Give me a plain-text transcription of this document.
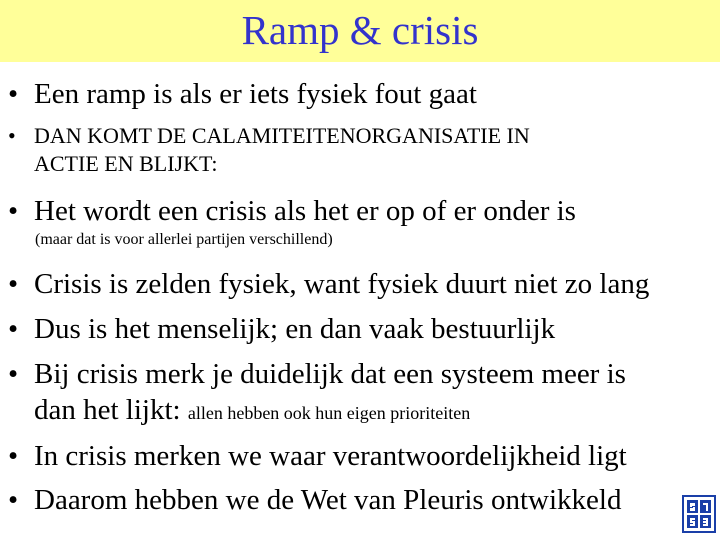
Ramp & crisis
• Een ramp is als er iets fysiek fout gaat
• DAN KOMT DE CALAMITEITENORGANISATIE IN
ACTIE EN BLIJKT:
• Het wordt een crisis als het er op of er onder is
(maar dat is voor allerlei partijen verschillend)
• Crisis is zelden fysiek, want fysiek duurt niet zo lang
• Dus is het menselijk; en dan vaak bestuurlijk
• Bij crisis merk je duidelijk dat een systeem meer is
dan het lijkt: allen hebben ook hun eigen prioriteiten
• In crisis merken we waar verantwoordelijkheid ligt
• Daarom hebben we de Wet van Pleuris ontwikkeld
